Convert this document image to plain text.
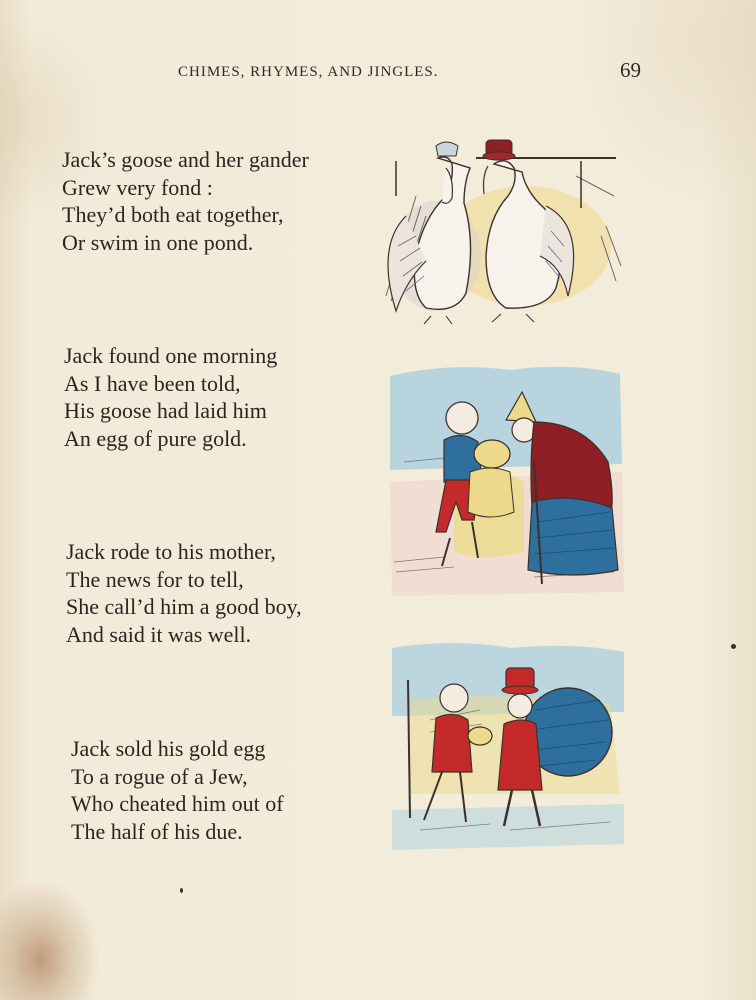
CHIMES, RHYMES, AND JINGLES.	69
Jack’s goose and her gander
Grew very fond :
They’d both eat together,
Or swim in one pond.
Jack found one morning
As I have been told,
His goose had laid him
An egg of pure gold.
Jack rode to his mother,
The news for to tell,
She call’d him a good boy,
And said it was well.
Jack sold his gold egg
To a rogue of a Jew,
Who cheated him out of
The half of his due.
